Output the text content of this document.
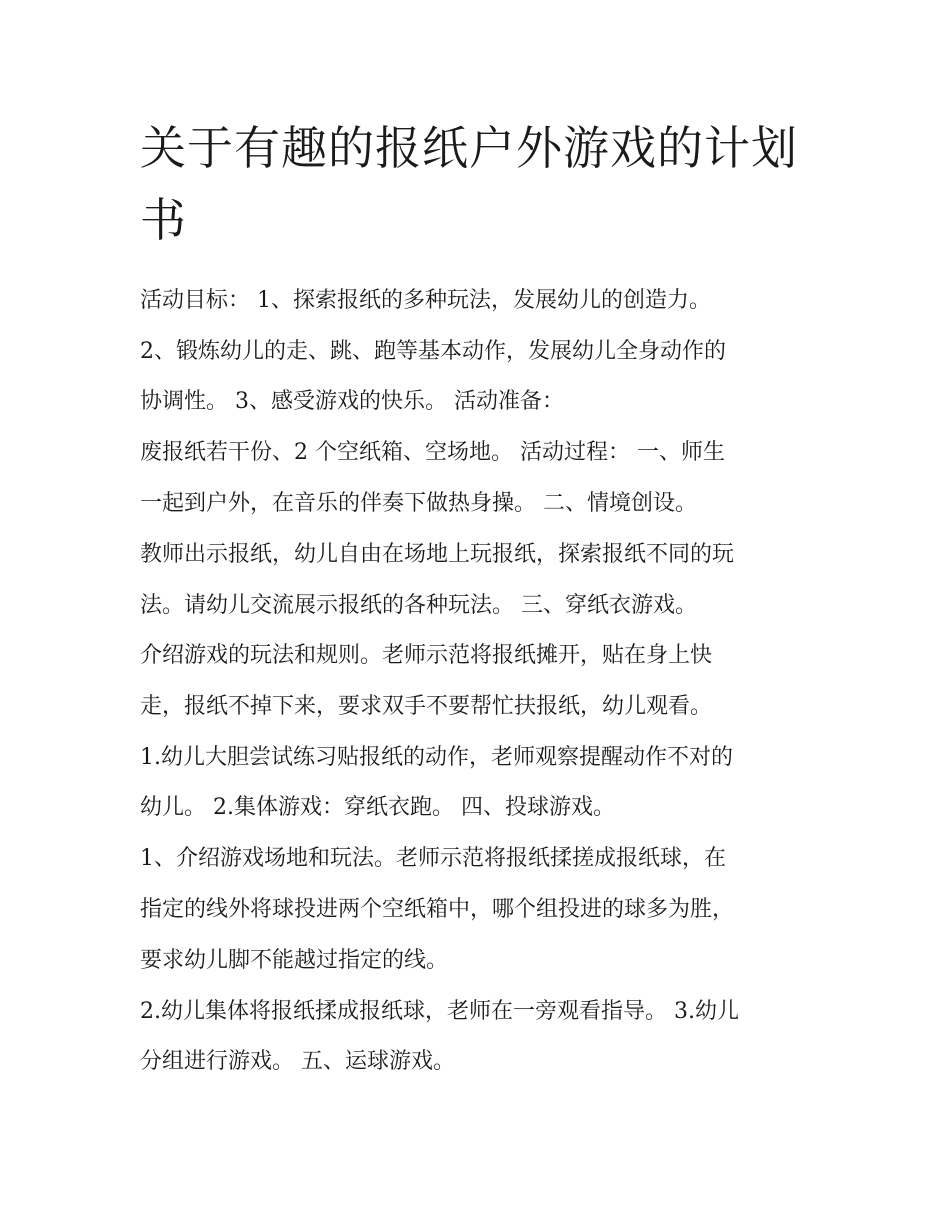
关于有趣的报纸户外游戏的计划书

活动目标： 1、探索报纸的多种玩法，发展幼儿的创造力。

2、锻炼幼儿的走、跳、跑等基本动作，发展幼儿全身动作的

协调性。 3、感受游戏的快乐。 活动准备：

废报纸若干份、2 个空纸箱、空场地。 活动过程： 一、师生

一起到户外，在音乐的伴奏下做热身操。 二、情境创设。

教师出示报纸，幼儿自由在场地上玩报纸，探索报纸不同的玩

法。请幼儿交流展示报纸的各种玩法。 三、穿纸衣游戏。

介绍游戏的玩法和规则。老师示范将报纸摊开，贴在身上快

走，报纸不掉下来，要求双手不要帮忙扶报纸，幼儿观看。

1.幼儿大胆尝试练习贴报纸的动作，老师观察提醒动作不对的

幼儿。 2.集体游戏：穿纸衣跑。 四、投球游戏。

1、介绍游戏场地和玩法。老师示范将报纸揉搓成报纸球，在

指定的线外将球投进两个空纸箱中，哪个组投进的球多为胜，

要求幼儿脚不能越过指定的线。

2.幼儿集体将报纸揉成报纸球，老师在一旁观看指导。 3.幼儿

分组进行游戏。 五、运球游戏。
